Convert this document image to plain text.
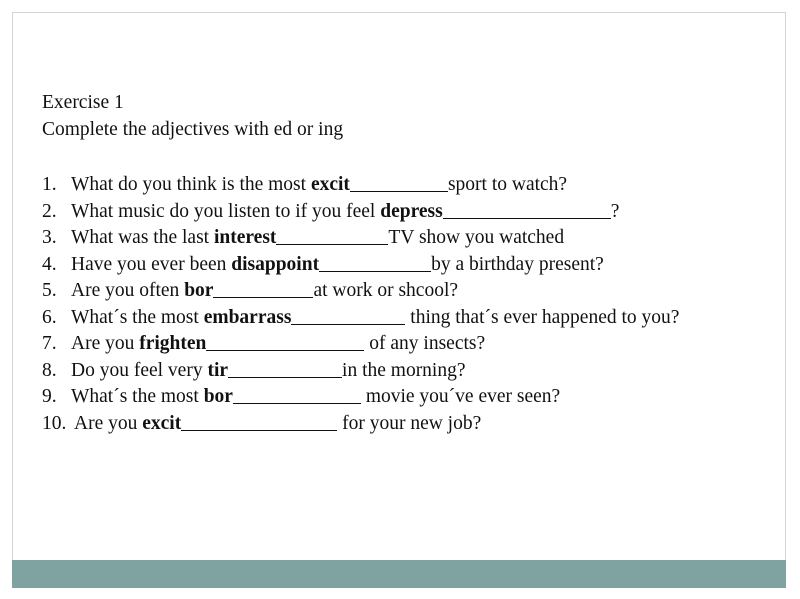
Exercise 1
Complete the adjectives with ed or ing
1. What do you think is the most excit	sport to watch?
2. What music do you listen to if you feel depress	?
3. What was the last interest	TV show you watched
4. Have you ever been disappoint	by a birthday present?
5. Are you often bor	at work or shcool?
6. What´s the most embarrass	thing that´s ever happened to you?
7. Are you frighten	of any insects?
8. Do you feel very tir	in the morning?
9. What´s the most bor	movie you´ve ever seen?
10. Are you excit	for your new job?
